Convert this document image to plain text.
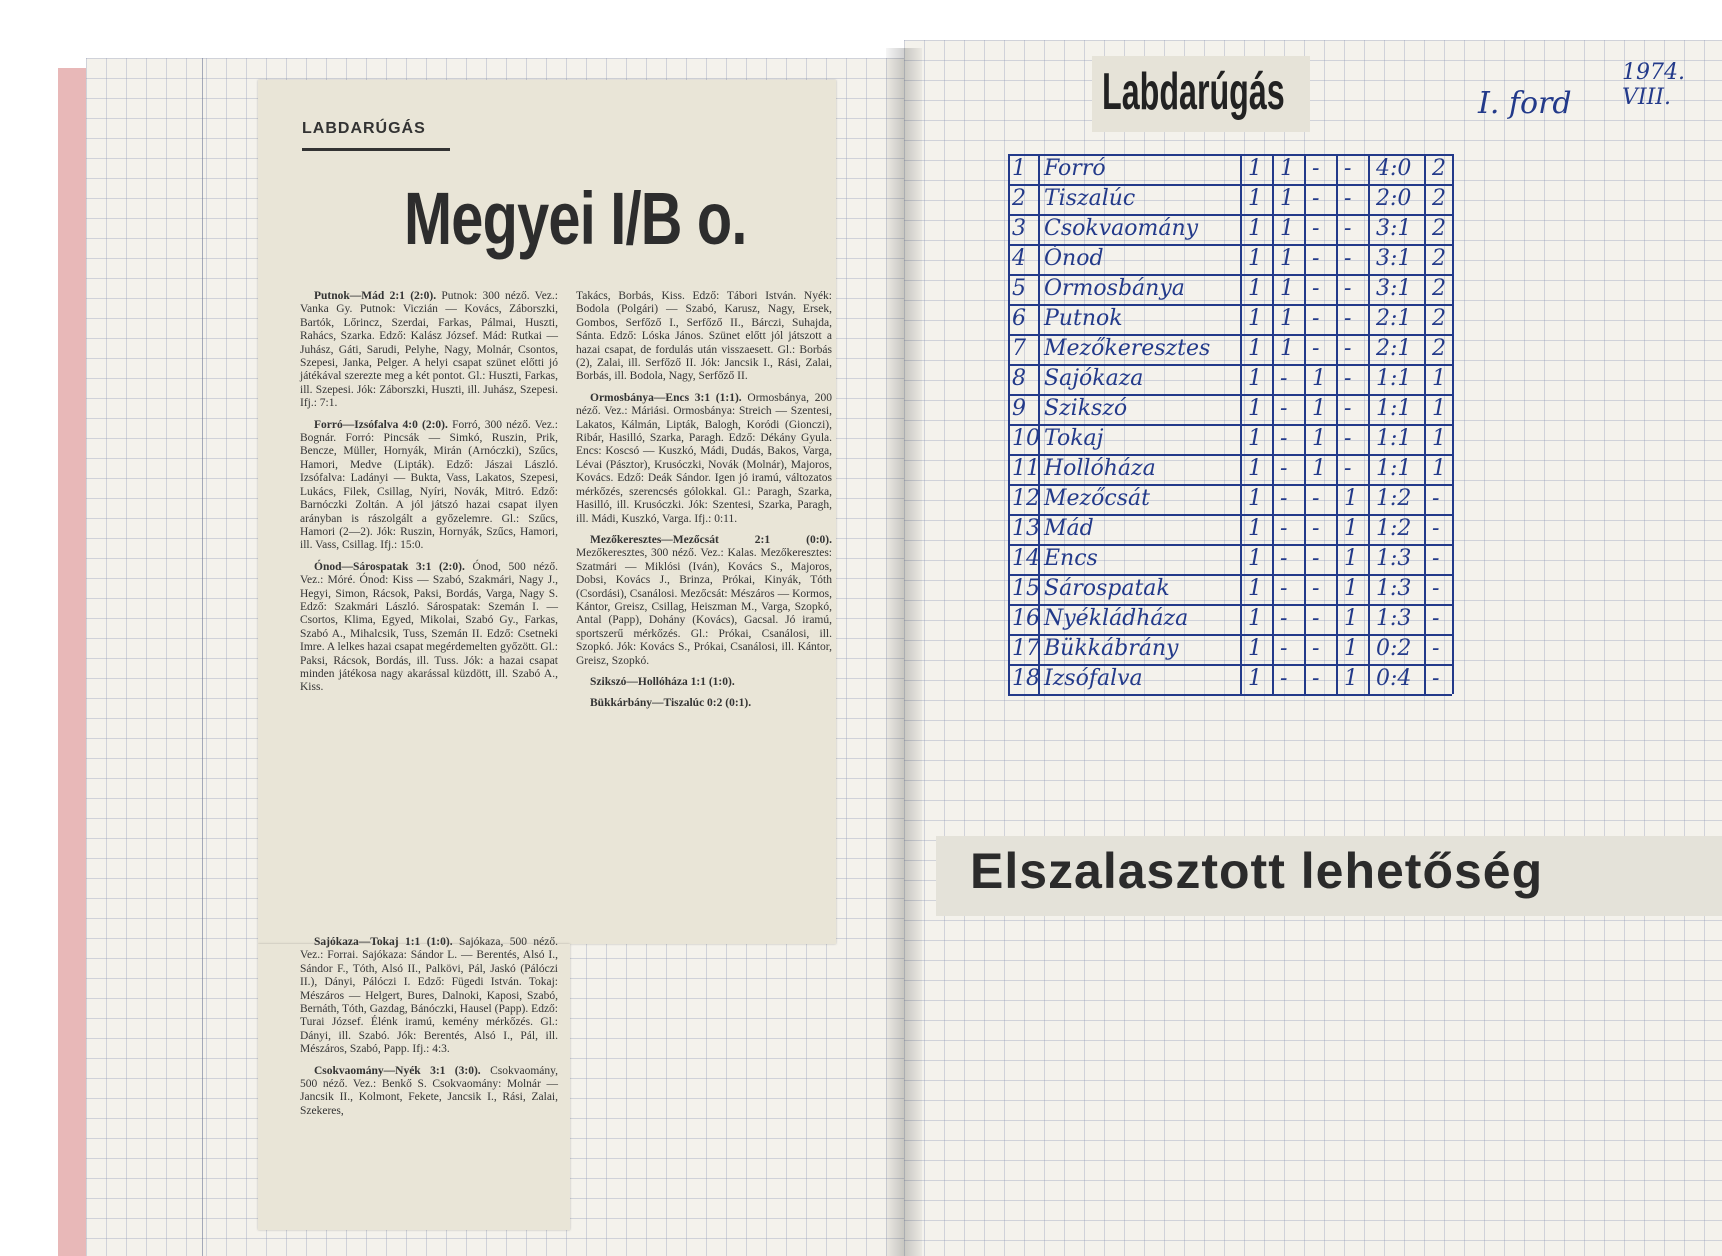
LABDARÚGÁS
Megyei I/B o.

Putnok—Mád 2:1 (2:0). Putnok: 300 néző. Vez.: Vanka Gy. Putnok: Viczián — Kovács, Záborszki, Bartók, Lőrincz, Szerdai, Farkas, Pálmai, Huszti, Rahács, Szarka. Edző: Kalász József. Mád: Rutkai — Juhász, Gáti, Sarudi, Pelyhe, Nagy, Molnár, Csontos, Szepesi, Janka, Pelger. A helyi csapat szünet előtti jó játékával szerezte meg a két pontot. Gl.: Huszti, Farkas, ill. Szepesi. Jók: Záborszki, Huszti, ill. Juhász, Szepesi. Ifj.: 7:1.

Forró—Izsófalva 4:0 (2:0). Forró, 300 néző. Vez.: Bognár. Forró: Pincsák — Simkó, Ruszin, Prik, Bencze, Müller, Hornyák, Mirán (Arnóczki), Szűcs, Hamori, Medve (Lipták). Edző: Jászai László. Izsófalva: Ladányi — Bukta, Vass, Lakatos, Szepesi, Lukács, Filek, Csillag, Nyíri, Novák, Mitró. Edző: Barnóczki Zoltán. A jól játszó hazai csapat ilyen arányban is rászolgált a győzelemre. Gl.: Szűcs, Hamori (2—2). Jók: Ruszin, Hornyák, Szűcs, Hamori, ill. Vass, Csillag. Ifj.: 15:0.

Ónod—Sárospatak 3:1 (2:0). Ónod, 500 néző. Vez.: Móré. Ónod: Kiss — Szabó, Szakmári, Nagy J., Hegyi, Simon, Rácsok, Paksi, Bordás, Varga, Nagy S. Edző: Szakmári László. Sárospatak: Szemán I. — Csortos, Klima, Egyed, Mikolai, Szabó Gy., Farkas, Szabó A., Mihalcsik, Tuss, Szemán II. Edző: Csetneki Imre. A lelkes hazai csapat megérdemelten győzött. Gl.: Paksi, Rácsok, Bordás, ill. Tuss. Jók: a hazai csapat minden játékosa nagy akarással küzdött, ill. Szabó A., Kiss.

Takács, Borbás, Kiss. Edző: Tábori István. Nyék: Bodola (Polgári) — Szabó, Karusz, Nagy, Ersek, Gombos, Serfőző I., Serfőző II., Bárczi, Suhajda, Sánta. Edző: Lóska János. Szünet előtt jól játszott a hazai csapat, de fordulás után visszaesett. Gl.: Borbás (2), Zalai, ill. Serfőző II. Jók: Jancsik I., Rási, Zalai, Borbás, ill. Bodola, Nagy, Serfőző II.

Ormosbánya—Encs 3:1 (1:1). Ormosbánya, 200 néző. Vez.: Máriási. Ormosbánya: Streich — Szentesi, Lakatos, Kálmán, Lipták, Balogh, Koródi (Gionczi), Ribár, Hasilló, Szarka, Paragh. Edző: Dékány Gyula. Encs: Koscsó — Kuszkó, Mádi, Dudás, Bakos, Varga, Lévai (Pásztor), Krusóczki, Novák (Molnár), Majoros, Kovács. Edző: Deák Sándor. Igen jó iramú, változatos mérkőzés, szerencsés gólokkal. Gl.: Paragh, Szarka, Hasilló, ill. Krusóczki. Jók: Szentesi, Szarka, Paragh, ill. Mádi, Kuszkó, Varga. Ifj.: 0:11.

Mezőkeresztes—Mezőcsát 2:1 (0:0). Mezőkeresztes, 300 néző. Vez.: Kalas. Mezőkeresztes: Szatmári — Miklósi (Iván), Kovács S., Majoros, Dobsi, Kovács J., Brinza, Prókai, Kinyák, Tóth (Csordási), Csanálosi. Mezőcsát: Mészáros — Kormos, Kántor, Greisz, Csillag, Heiszman M., Varga, Szopkó, Antal (Papp), Dohány (Kovács), Gacsal. Jó iramú, sportszerű mérkőzés. Gl.: Prókai, Csanálosi, ill. Szopkó. Jók: Kovács S., Prókai, Csanálosi, ill. Kántor, Greisz, Szopkó.

Szikszó—Hollóháza 1:1 (1:0).

Bükkárbány—Tiszalúc 0:2 (0:1).

Sajókaza—Tokaj 1:1 (1:0). Sajókaza, 500 néző. Vez.: Forrai. Sajókaza: Sándor L. — Berentés, Alsó I., Sándor F., Tóth, Alsó II., Palkövi, Pál, Jaskó (Pálóczi II.), Dányi, Pálóczi I. Edző: Fügedi István. Tokaj: Mészáros — Helgert, Bures, Dalnoki, Kaposi, Szabó, Bernáth, Tóth, Gazdag, Bánóczki, Hausel (Papp). Edző: Turai József. Élénk iramú, kemény mérkőzés. Gl.: Dányi, ill. Szabó. Jók: Berentés, Alsó I., Pál, ill. Mészáros, Szabó, Papp. Ifj.: 4:3.

Csokvaomány—Nyék 3:1 (3:0). Csokvaomány, 500 néző. Vez.: Benkő S. Csokvaomány: Molnár — Jancsik II., Kolmont, Fekete, Jancsik I., Rási, Zalai, Szekeres,

Labdarúgás	I. ford
1974. VIII.
1 Forró	1 1 - - 4:0 2
2 Tiszalúc	1 1 - - 2:0 2
3 Csokvaomány 1 1 - - 3:1 2
4 Ónod	1 1 - - 3:1 2
5 Ormosbánya	1 1 - - 3:1 2
6 Putnok	1 1 - - 2:1 2
7 Mezőkeresztes 1 1 - - 2:1 2
8 Sajókaza	1 - 1 - 1:1 1
9 Szikszó	1 - 1 - 1:1 1
10 Tokaj	1 - 1 - 1:1 1
11 Hollóháza	1 - 1 - 1:1 1
12 Mezőcsát	1 - - 1 1:2 -
13 Mád	1 - - 1 1:2 -
14 Encs	1 - - 1 1:3 -
15 Sárospatak	1 - - 1 1:3 -
16 Nyékládháza	1 - - 1 1:3 -
17 Bükkábrány	1 - - 1 0:2 -
18 Izsófalva	1 - - 1 0:4 -
Elszalasztott lehetőség
